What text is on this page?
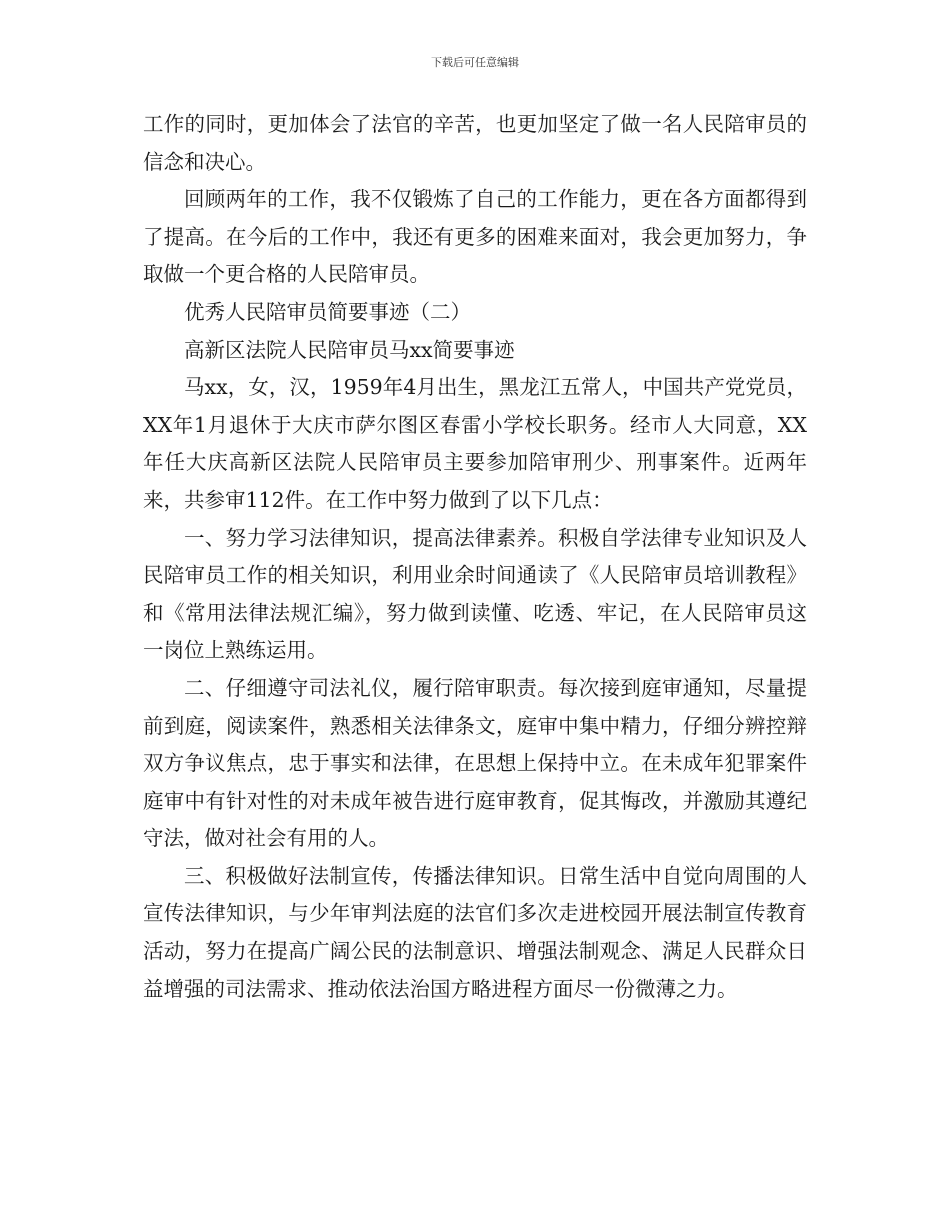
下载后可任意编辑

工作的同时，更加体会了法官的辛苦，也更加坚定了做一名人民陪审员的信念和决心。

回顾两年的工作，我不仅锻炼了自己的工作能力，更在各方面都得到了提高。在今后的工作中，我还有更多的困难来面对，我会更加努力，争取做一个更合格的人民陪审员。

优秀人民陪审员简要事迹（二）

高新区法院人民陪审员马xx简要事迹

马xx，女，汉，1959年4月出生，黑龙江五常人，中国共产党党员，XX年1月退休于大庆市萨尔图区春雷小学校长职务。经市人大同意，XX年任大庆高新区法院人民陪审员主要参加陪审刑少、刑事案件。近两年来，共参审112件。在工作中努力做到了以下几点：

一、努力学习法律知识，提高法律素养。积极自学法律专业知识及人民陪审员工作的相关知识，利用业余时间通读了《人民陪审员培训教程》和《常用法律法规汇编》，努力做到读懂、吃透、牢记，在人民陪审员这一岗位上熟练运用。

二、仔细遵守司法礼仪，履行陪审职责。每次接到庭审通知，尽量提前到庭，阅读案件，熟悉相关法律条文，庭审中集中精力，仔细分辨控辩双方争议焦点，忠于事实和法律，在思想上保持中立。在未成年犯罪案件庭审中有针对性的对未成年被告进行庭审教育，促其悔改，并激励其遵纪守法，做对社会有用的人。

三、积极做好法制宣传，传播法律知识。日常生活中自觉向周围的人宣传法律知识，与少年审判法庭的法官们多次走进校园开展法制宣传教育活动，努力在提高广阔公民的法制意识、增强法制观念、满足人民群众日益增强的司法需求、推动依法治国方略进程方面尽一份微薄之力。
